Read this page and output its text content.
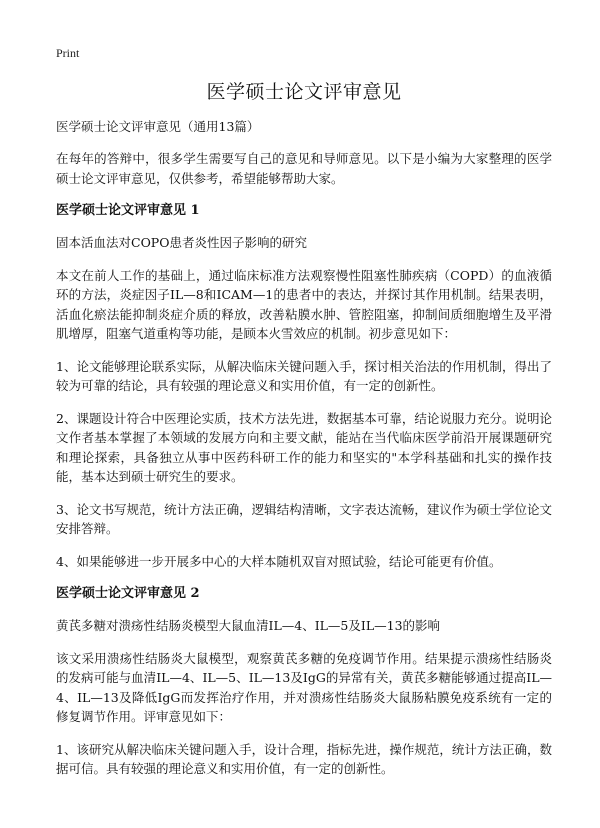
Print
医学硕士论文评审意见
医学硕士论文评审意见（通用13篇）

在每年的答辩中，很多学生需要写自己的意见和导师意见。以下是小编为大家整理的医学硕士论文评审意见，仅供参考，希望能够帮助大家。

医学硕士论文评审意见 1

固本活血法对COPO患者炎性因子影响的研究

本文在前人工作的基础上，通过临床标准方法观察慢性阻塞性肺疾病（COPD）的血液循环的方法，炎症因子IL—8和ICAM—1的患者中的表达，并探讨其作用机制。结果表明，活血化瘀法能抑制炎症介质的释放，改善粘膜水肿、管腔阻塞，抑制间质细胞增生及平滑肌增厚，阻塞气道重构等功能，是顾本火雪效应的机制。初步意见如下：

1、论文能够理论联系实际，从解决临床关键问题入手，探讨相关治法的作用机制，得出了较为可靠的结论，具有较强的理论意义和实用价值，有一定的创新性。

2、课题设计符合中医理论实质，技术方法先进，数据基本可靠，结论说服力充分。说明论文作者基本掌握了本领域的发展方向和主要文献，能站在当代临床医学前沿开展课题研究和理论探索，具备独立从事中医药科研工作的能力和坚实的"本学科基础和扎实的操作技能，基本达到硕士研究生的要求。

3、论文书写规范，统计方法正确，逻辑结构清晰，文字表达流畅，建议作为硕士学位论文安排答辩。

4、如果能够进一步开展多中心的大样本随机双盲对照试验，结论可能更有价值。

医学硕士论文评审意见 2

黄芪多糖对溃疡性结肠炎模型大鼠血清IL—4、IL—5及IL—13的影响

该文采用溃疡性结肠炎大鼠模型，观察黄芪多糖的免疫调节作用。结果提示溃疡性结肠炎的发病可能与血清IL—4、IL—5、IL—13及IgG的异常有关，黄芪多糖能够通过提高IL—4、IL—13及降低IgG而发挥治疗作用，并对溃疡性结肠炎大鼠肠粘膜免疫系统有一定的修复调节作用。评审意见如下：

1、该研究从解决临床关键问题入手，设计合理，指标先进，操作规范，统计方法正确，数据可信。具有较强的理论意义和实用价值，有一定的创新性。
